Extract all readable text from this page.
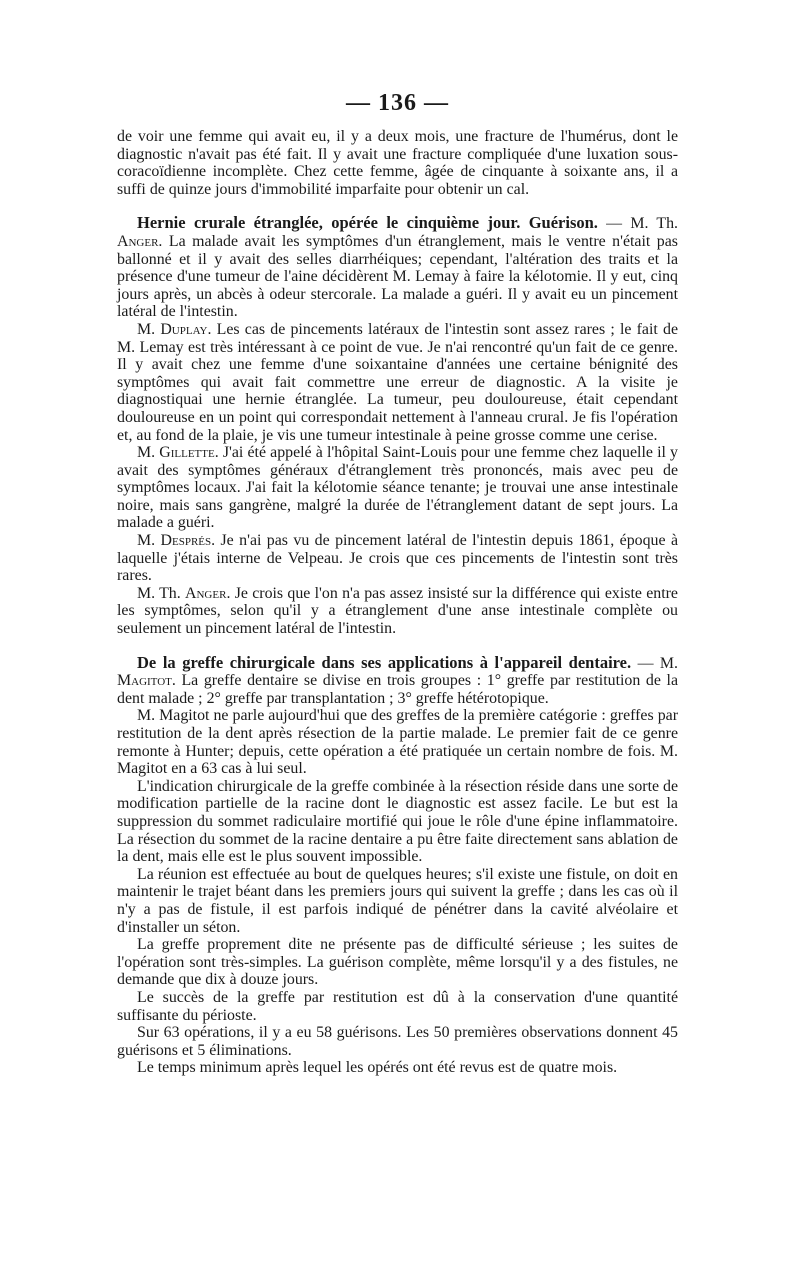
— 136 —

de voir une femme qui avait eu, il y a deux mois, une fracture de l'humérus, dont le diagnostic n'avait pas été fait. Il y avait une fracture compliquée d'une luxation sous-coracoïdienne incomplète. Chez cette femme, âgée de cinquante à soixante ans, il a suffi de quinze jours d'immobilité imparfaite pour obtenir un cal.

Hernie crurale étranglée, opérée le cinquième jour. Guérison. — M. Th. Anger. La malade avait les symptômes d'un étranglement, mais le ventre n'était pas ballonné et il y avait des selles diarrhéiques; cependant, l'altération des traits et la présence d'une tumeur de l'aine décidèrent M. Lemay à faire la kélotomie. Il y eut, cinq jours après, un abcès à odeur stercorale. La malade a guéri. Il y avait eu un pincement latéral de l'intestin.

M. Duplay. Les cas de pincements latéraux de l'intestin sont assez rares ; le fait de M. Lemay est très intéressant à ce point de vue. Je n'ai rencontré qu'un fait de ce genre. Il y avait chez une femme d'une soixantaine d'années une certaine bénignité des symptômes qui avait fait commettre une erreur de diagnostic. A la visite je diagnostiquai une hernie étranglée. La tumeur, peu douloureuse, était cependant douloureuse en un point qui correspondait nettement à l'anneau crural. Je fis l'opération et, au fond de la plaie, je vis une tumeur intestinale à peine grosse comme une cerise.

M. Gillette. J'ai été appelé à l'hôpital Saint-Louis pour une femme chez laquelle il y avait des symptômes généraux d'étranglement très prononcés, mais avec peu de symptômes locaux. J'ai fait la kélotomie séance tenante; je trouvai une anse intestinale noire, mais sans gangrène, malgré la durée de l'étranglement datant de sept jours. La malade a guéri.

M. Després. Je n'ai pas vu de pincement latéral de l'intestin depuis 1861, époque à laquelle j'étais interne de Velpeau. Je crois que ces pincements de l'intestin sont très rares.

M. Th. Anger. Je crois que l'on n'a pas assez insisté sur la différence qui existe entre les symptômes, selon qu'il y a étranglement d'une anse intestinale complète ou seulement un pincement latéral de l'intestin.

De la greffe chirurgicale dans ses applications à l'appareil dentaire. — M. Magitot. La greffe dentaire se divise en trois groupes : 1° greffe par restitution de la dent malade ; 2° greffe par transplantation ; 3° greffe hétérotopique.

M. Magitot ne parle aujourd'hui que des greffes de la première catégorie : greffes par restitution de la dent après résection de la partie malade. Le premier fait de ce genre remonte à Hunter; depuis, cette opération a été pratiquée un certain nombre de fois. M. Magitot en a 63 cas à lui seul.

L'indication chirurgicale de la greffe combinée à la résection réside dans une sorte de modification partielle de la racine dont le diagnostic est assez facile. Le but est la suppression du sommet radiculaire mortifié qui joue le rôle d'une épine inflammatoire. La résection du sommet de la racine dentaire a pu être faite directement sans ablation de la dent, mais elle est le plus souvent impossible.

La réunion est effectuée au bout de quelques heures; s'il existe une fistule, on doit en maintenir le trajet béant dans les premiers jours qui suivent la greffe ; dans les cas où il n'y a pas de fistule, il est parfois indiqué de pénétrer dans la cavité alvéolaire et d'installer un séton.

La greffe proprement dite ne présente pas de difficulté sérieuse ; les suites de l'opération sont très-simples. La guérison complète, même lorsqu'il y a des fistules, ne demande que dix à douze jours.

Le succès de la greffe par restitution est dû à la conservation d'une quantité suffisante du périoste.

Sur 63 opérations, il y a eu 58 guérisons. Les 50 premières observations donnent 45 guérisons et 5 éliminations.

Le temps minimum après lequel les opérés ont été revus est de quatre mois.
